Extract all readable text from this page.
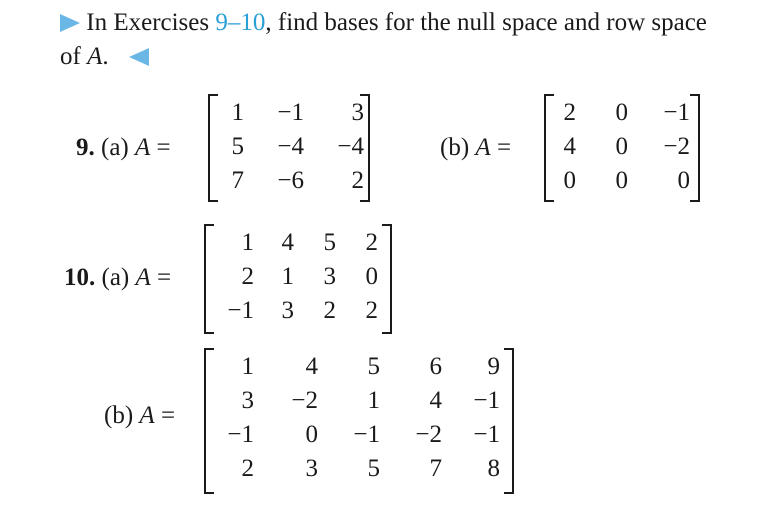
In Exercises 9–10, find bases for the null space and row space
of A.
9. (a) A =
1	−1	3
5	−4	−4
7	−6	2
(b) A =
2	0	−1
4	0	−2
0	0	0
10. (a) A =
1	4	5	2
2	1	3	0
−1	3	2	2
(b) A =
1	4	5	6	9
3	−2	1	4	−1
−1	0	−1	−2	−1
2	3	5	7	8
